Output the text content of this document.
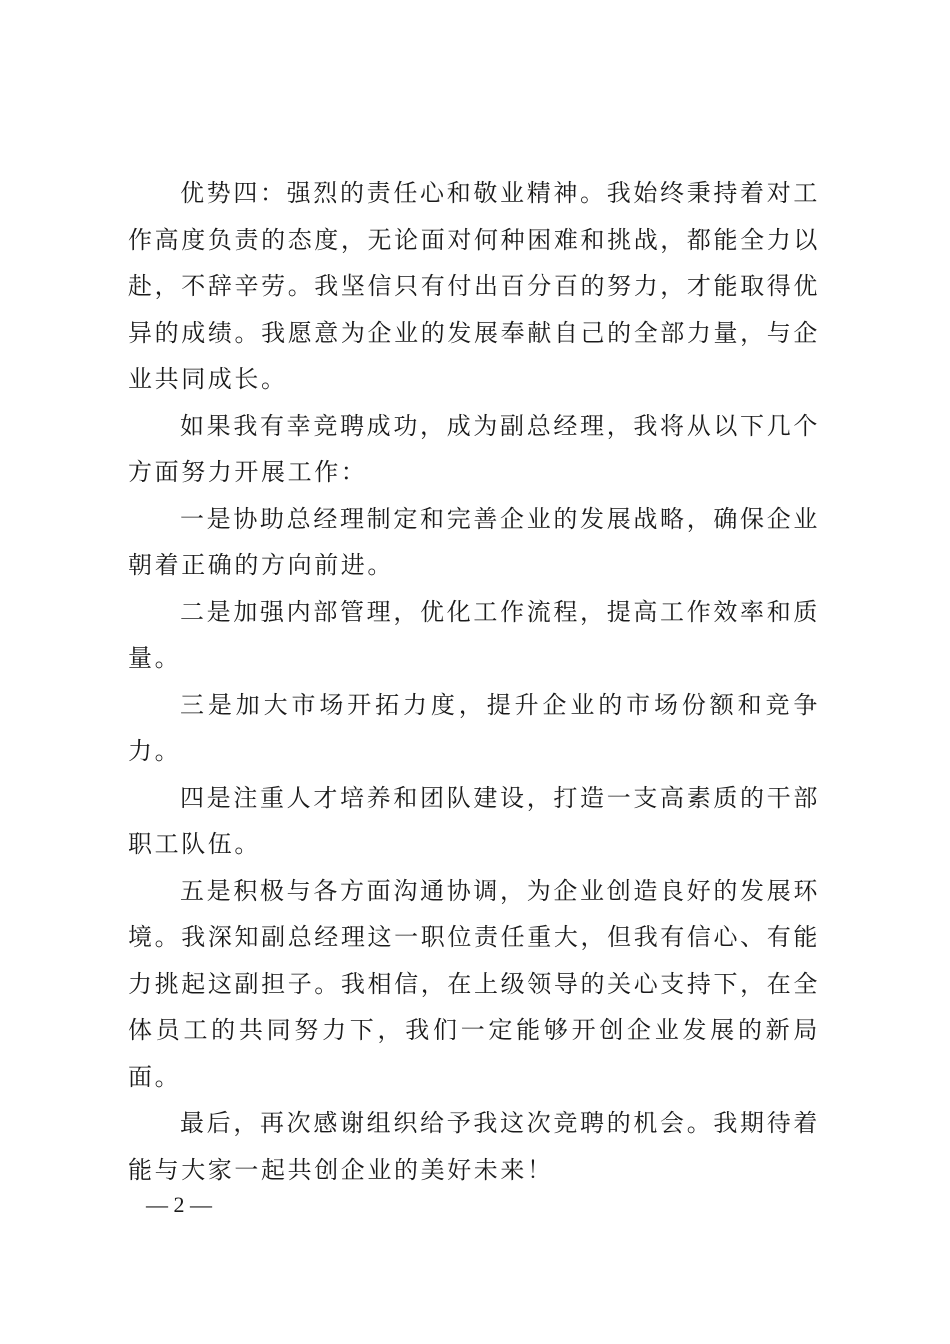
优势四：强烈的责任心和敬业精神。我始终秉持着对工作高度负责的态度，无论面对何种困难和挑战，都能全力以赴，不辞辛劳。我坚信只有付出百分百的努力，才能取得优异的成绩。我愿意为企业的发展奉献自己的全部力量，与企业共同成长。

如果我有幸竞聘成功，成为副总经理，我将从以下几个方面努力开展工作：

一是协助总经理制定和完善企业的发展战略，确保企业朝着正确的方向前进。

二是加强内部管理，优化工作流程，提高工作效率和质量。

三是加大市场开拓力度，提升企业的市场份额和竞争力。

四是注重人才培养和团队建设，打造一支高素质的干部职工队伍。

五是积极与各方面沟通协调，为企业创造良好的发展环境。我深知副总经理这一职位责任重大，但我有信心、有能力挑起这副担子。我相信，在上级领导的关心支持下，在全体员工的共同努力下，我们一定能够开创企业发展的新局面。

最后，再次感谢组织给予我这次竞聘的机会。我期待着能与大家一起共创企业的美好未来！

— 2 —
